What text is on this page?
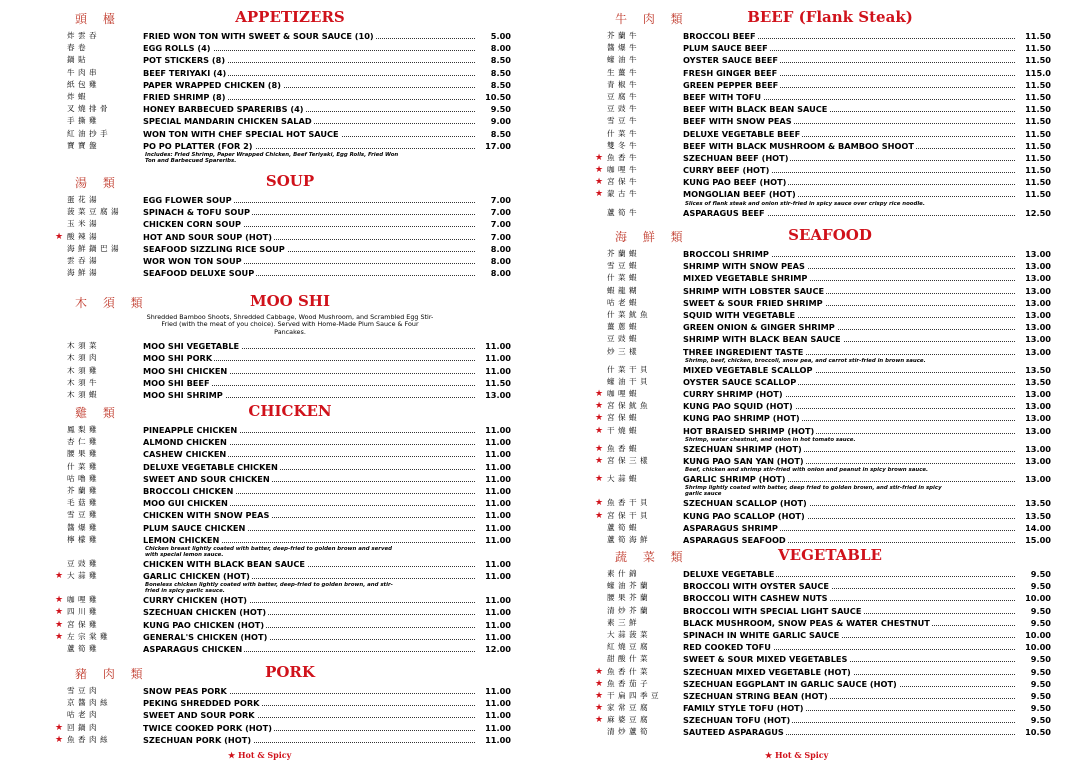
頭 檯	APPETIZERS
炸 雲 吞	FRIED WON TON WITH SWEET & SOUR SAUCE (10)	5.00
春 卷	EGG ROLLS (4)	8.00
鍋 貼	POT STICKERS (8)	8.50
牛 肉 串	BEEF TERIYAKI (4)	8.50
紙 包 雞	PAPER WRAPPED CHICKEN (8)	8.50
炸 蝦	FRIED SHRIMP (8)	10.50
叉 燒 排 骨	HONEY BARBECUED SPARERIBS (4)	9.50
手 撕 雞	SPECIAL MANDARIN CHICKEN SALAD	9.00
紅 油 抄 手	WON TON WITH CHEF SPECIAL HOT SAUCE	8.50
寶 寶 盤	PO PO PLATTER (FOR 2)	17.00
Includes: Fried Shrimp, Paper Wrapped Chicken, Beef Teriyaki, Egg Rolls, Fried Won Ton and Barbecued Spareribs.
湯 類	SOUP
蛋 花 湯	EGG FLOWER SOUP	7.00
菠 菜 豆 腐 湯	SPINACH & TOFU SOUP	7.00
玉 米 湯	CHICKEN CORN SOUP	7.00
★ 酸 辣 湯	HOT AND SOUR SOUP (HOT)	7.00
海 鮮 鍋 巴 湯	SEAFOOD SIZZLING RICE SOUP	8.00
雲 吞 湯	WOR WON TON SOUP	8.00
海 鮮 湯	SEAFOOD DELUXE SOUP	8.00
木 須 類	MOO SHI
Shredded Bamboo Shoots, Shredded Cabbage, Wood Mushroom, and Scrambled Egg Stir-Fried (with the meat of you choice). Served with Home-Made Plum Sauce & Four Pancakes.
木 須 菜	MOO SHI VEGETABLE	11.00
木 須 肉	MOO SHI PORK	11.00
木 須 雞	MOO SHI CHICKEN	11.00
木 須 牛	MOO SHI BEEF	11.50
木 須 蝦	MOO SHI SHRIMP	13.00
雞 類	CHICKEN
鳳 梨 雞	PINEAPPLE CHICKEN	11.00
杏 仁 雞	ALMOND CHICKEN	11.00
腰 果 雞	CASHEW CHICKEN	11.00
什 菜 雞	DELUXE VEGETABLE CHICKEN	11.00
咕 嚕 雞	SWEET AND SOUR CHICKEN	11.00
芥 蘭 雞	BROCCOLI CHICKEN	11.00
毛 菇 雞	MOO GUI CHICKEN	11.00
雪 豆 雞	CHICKEN WITH SNOW PEAS	11.00
醬 爆 雞	PLUM SAUCE CHICKEN	11.00
檸 檬 雞	LEMON CHICKEN	11.00
Chicken breast lightly coated with batter, deep-fried to golden brown and served with special lemon sauce.
豆 豉 雞	CHICKEN WITH BLACK BEAN SAUCE	11.00
★ 大 蒜 雞	GARLIC CHICKEN (HOT)	11.00
Boneless chicken lightly coated with batter, deep-fried to golden brown, and stir-fried in spicy garlic sauce.
★ 咖 哩 雞	CURRY CHICKEN (HOT)	11.00
★ 四 川 雞	SZECHUAN CHICKEN (HOT)	11.00
★ 宮 保 雞	KUNG PAO CHICKEN (HOT)	11.00
★ 左 宗 棠 雞	GENERAL'S CHICKEN (HOT)	11.00
蘆 筍 雞	ASPARAGUS CHICKEN	12.00
豬 肉 類	PORK
雪 豆 肉	SNOW PEAS PORK	11.00
京 醬 肉 絲	PEKING SHREDDED PORK	11.00
咕 老 肉	SWEET AND SOUR PORK	11.00
★ 回 鍋 肉	TWICE COOKED PORK (HOT)	11.00
★ 魚 香 肉 絲	SZECHUAN PORK (HOT)	11.00
牛 肉 類	BEEF (Flank Steak)
芥 蘭 牛	BROCCOLI BEEF	11.50
醬 爆 牛	PLUM SAUCE BEEF	11.50
蠔 油 牛	OYSTER SAUCE BEEF	11.50
生 薑 牛	FRESH GINGER BEEF	115.0
青 椒 牛	GREEN PEPPER BEEF	11.50
豆 腐 牛	BEEF WITH TOFU	11.50
豆 豉 牛	BEEF WITH BLACK BEAN SAUCE	11.50
雪 豆 牛	BEEF WITH SNOW PEAS	11.50
什 菜 牛	DELUXE VEGETABLE BEEF	11.50
雙 冬 牛	BEEF WITH BLACK MUSHROOM & BAMBOO SHOOT	11.50
★ 魚 香 牛	SZECHUAN BEEF (HOT)	11.50
★ 咖 哩 牛	CURRY BEEF (HOT)	11.50
★ 宮 保 牛	KUNG PAO BEEF (HOT)	11.50
★ 蒙 古 牛	MONGOLIAN BEEF (HOT)	11.50
Slices of flank steak and onion stir-fried in spicy sauce over crispy rice noodle.
蘆 筍 牛	ASPARAGUS BEEF	12.50
海 鮮 類	SEAFOOD
芥 蘭 蝦	BROCCOLI SHRIMP	13.00
雪 豆 蝦	SHRIMP WITH SNOW PEAS	13.00
什 菜 蝦	MIXED VEGETABLE SHRIMP	13.00
蝦 龍 糊	SHRIMP WITH LOBSTER SAUCE	13.00
咕 老 蝦	SWEET & SOUR FRIED SHRIMP	13.00
什 菜 魷 魚	SQUID WITH VEGETABLE	13.00
薑 蔥 蝦	GREEN ONION & GINGER SHRIMP	13.00
豆 豉 蝦	SHRIMP WITH BLACK BEAN SAUCE	13.00
炒 三 樣	THREE INGREDIENT TASTE	13.00
Shrimp, beef, chicken, broccoli, snow pea, and carrot stir-fried in brown sauce.
什 菜 干 貝	MIXED VEGETABLE SCALLOP	13.50
蠔 油 干 貝	OYSTER SAUCE SCALLOP	13.50
★ 咖 哩 蝦	CURRY SHRIMP (HOT)	13.00
★ 宮 保 魷 魚	KUNG PAO SQUID (HOT)	13.00
★ 宮 保 蝦	KUNG PAO SHRIMP (HOT)	13.00
★ 干 燒 蝦	HOT BRAISED SHRIMP (HOT)	13.00
Shrimp, water chestnut, and onion in hot tomato sauce.
★ 魚 香 蝦	SZECHUAN SHRIMP (HOT)	13.00
★ 宮 保 三 樣	KUNG PAO SAN YAN (HOT)	13.00
Beef, chicken and shrimp stir-fried with onion and peanut in spicy brown sauce.
★ 大 蒜 蝦	GARLIC SHRIMP (HOT)	13.00
Shrimp lightly coated with batter, deep fried to golden brown, and stir-fried in spicy garlic sauce
★ 魚 香 干 貝	SZECHUAN SCALLOP (HOT)	13.50
★ 宮 保 干 貝	KUNG PAO SCALLOP (HOT)	13.50
蘆 筍 蝦	ASPARAGUS SHRIMP	14.00
蘆 筍 海 鮮	ASPARAGUS SEAFOOD	15.00
蔬 菜 類	VEGETABLE
素 什 錦	DELUXE VEGETABLE	9.50
蠔 油 芥 蘭	BROCCOLI WITH OYSTER SAUCE	9.50
腰 果 芥 蘭	BROCCOLI WITH CASHEW NUTS	10.00
清 炒 芥 蘭	BROCCOLI WITH SPECIAL LIGHT SAUCE	9.50
素 三 鮮	BLACK MUSHROOM, SNOW PEAS & WATER CHESTNUT	9.50
大 蒜 菠 菜	SPINACH IN WHITE GARLIC SAUCE	10.00
紅 燒 豆 腐	RED COOKED TOFU	10.00
甜 酸 什 菜	SWEET & SOUR MIXED VEGETABLES	9.50
★ 魚 香 什 菜	SZECHUAN MIXED VEGETABLE (HOT)	9.50
★ 魚 香 茄 子	SZECHUAN EGGPLANT IN GARLIC SAUCE (HOT)	9.50
★ 干 扁 四 季 豆	SZECHUAN STRING BEAN (HOT)	9.50
★ 家 常 豆 腐	FAMILY STYLE TOFU (HOT)	9.50
★ 麻 婆 豆 腐	SZECHUAN TOFU (HOT)	9.50
清 炒 蘆 筍	SAUTEED ASPARAGUS	10.50
★ Hot & Spicy	★ Hot & Spicy
